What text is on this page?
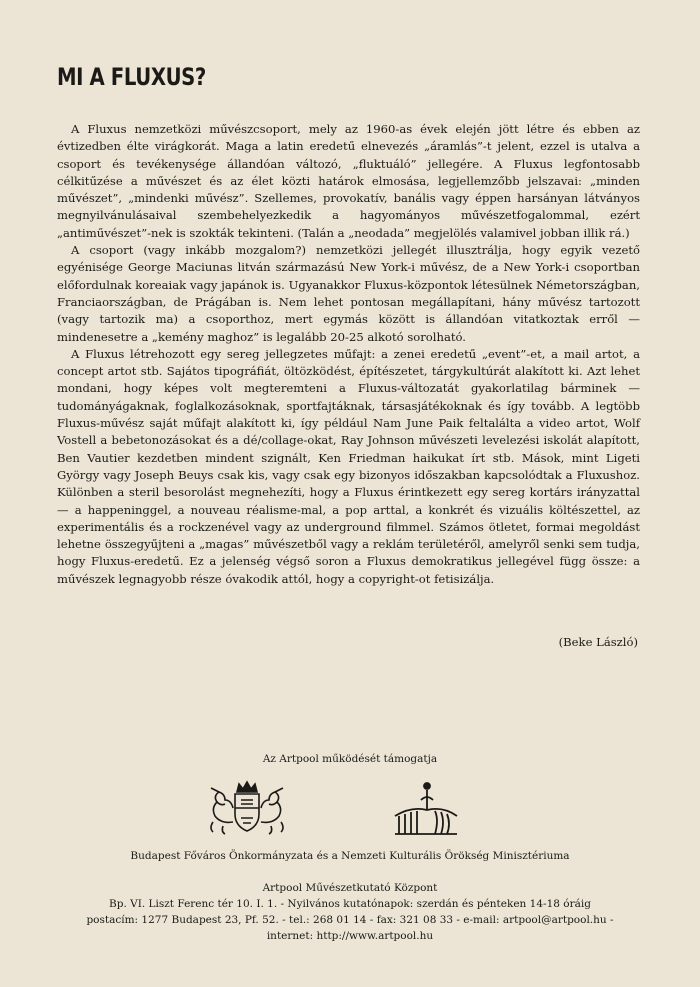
MI A FLUXUS?

A Fluxus nemzetközi művészcsoport, mely az 1960-as évek elején jött létre és ebben az évtizedben élte virágkorát. Maga a latin eredetű elnevezés „áramlás”-t jelent, ezzel is utalva a csoport és tevékenysége állandóan változó, „fluktuáló” jellegére. A Fluxus legfontosabb célkitűzése a művészet és az élet közti határok elmosása, legjellemzőbb jelszavai: „minden művészet”, „mindenki művész”. Szellemes, provokatív, banális vagy éppen harsányan látványos megnyilvánulásaival szembehelyezkedik a hagyományos művészetfogalommal, ezért „antiművészet”-nek is szokták tekinteni. (Talán a „neodada” megjelölés valamivel jobban illik rá.)

A csoport (vagy inkább mozgalom?) nemzetközi jellegét illusztrálja, hogy egyik vezető egyénisége George Maciunas litván származású New York-i művész, de a New York-i csoportban előfordulnak koreaiak vagy japánok is. Ugyanakkor Fluxus-központok létesülnek Németországban, Franciaországban, de Prágában is. Nem lehet pontosan megállapítani, hány művész tartozott (vagy tartozik ma) a csoporthoz, mert egymás között is állandóan vitatkoztak erről — mindenesetre a „kemény maghoz” is legalább 20-25 alkotó sorolható.

A Fluxus létrehozott egy sereg jellegzetes műfajt: a zenei eredetű „event”-et, a mail artot, a concept artot stb. Sajátos tipográfiát, öltözködést, építészetet, tárgykultúrát alakított ki. Azt lehet mondani, hogy képes volt megteremteni a Fluxus-változatát gyakorlatilag bárminek — tudományágaknak, foglalkozásoknak, sportfajtáknak, társasjátékoknak és így tovább. A legtöbb Fluxus-művész saját műfajt alakított ki, így például Nam June Paik feltalálta a video artot, Wolf Vostell a bebetonozásokat és a dé/collage-okat, Ray Johnson művészeti levelezési iskolát alapított, Ben Vautier kezdetben mindent szignált, Ken Friedman haikukat írt stb. Mások, mint Ligeti György vagy Joseph Beuys csak kis, vagy csak egy bizonyos időszakban kapcsolódtak a Fluxushoz. Különben a steril besorolást megnehezíti, hogy a Fluxus érintkezett egy sereg kortárs irányzattal — a happeninggel, a nouveau réalisme-mal, a pop arttal, a konkrét és vizuális költészettel, az experimentális és a rockzenével vagy az underground filmmel. Számos ötletet, formai megoldást lehetne összegyűjteni a „magas” művészetből vagy a reklám területéről, amelyről senki sem tudja, hogy Fluxus-eredetű. Ez a jelenség végső soron a Fluxus demokratikus jellegével függ össze: a művészek legnagyobb része óvakodik attól, hogy a copyright-ot fetisizálja.

(Beke László)
Az Artpool működését támogatja
Budapest Főváros Önkormányzata és a Nemzeti Kulturális Örökség Minisztériuma
Artpool Művészetkutató Központ
Bp. VI. Liszt Ferenc tér 10. I. 1. - Nyilvános kutatónapok: szerdán és pénteken 14-18 óráig
postacím: 1277 Budapest 23, Pf. 52. - tel.: 268 01 14 - fax: 321 08 33 - e-mail: artpool@artpool.hu -
internet: http://www.artpool.hu
